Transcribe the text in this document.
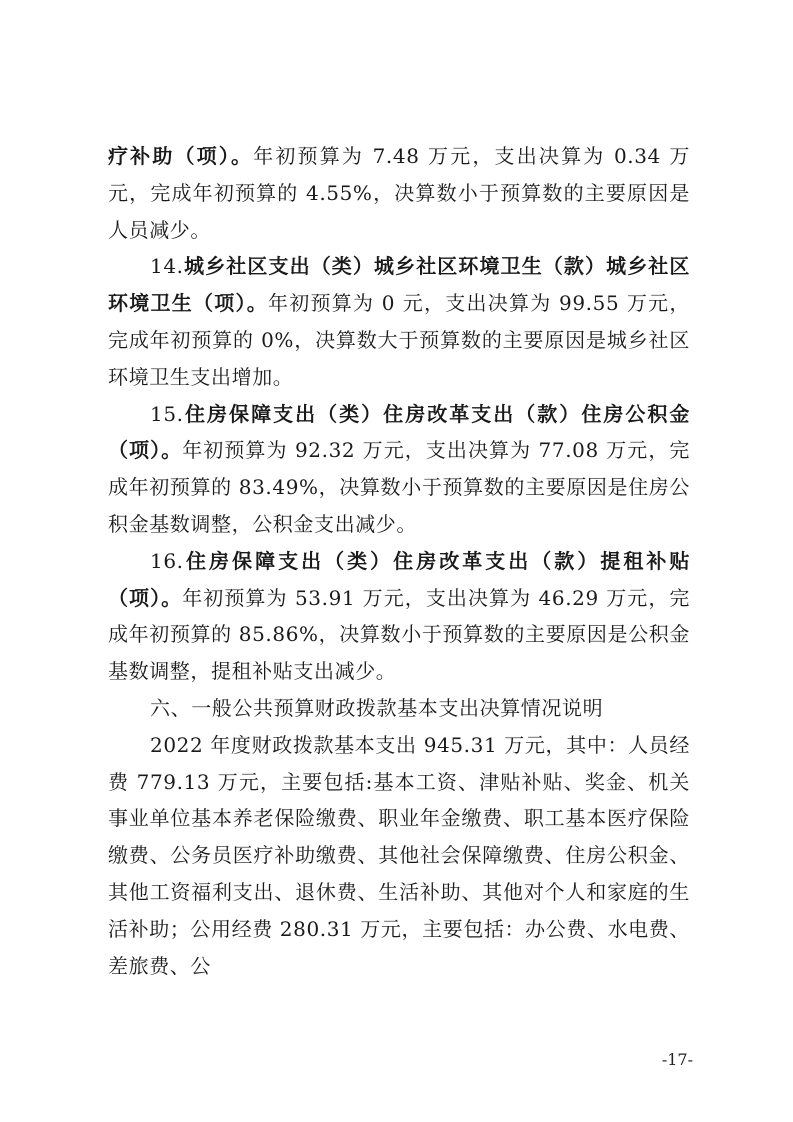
疗补助（项）。年初预算为 7.48 万元，支出决算为 0.34 万元，完成年初预算的 4.55%，决算数小于预算数的主要原因是人员减少。

14.城乡社区支出（类）城乡社区环境卫生（款）城乡社区环境卫生（项）。年初预算为 0 元，支出决算为 99.55 万元，完成年初预算的 0%，决算数大于预算数的主要原因是城乡社区环境卫生支出增加。

15.住房保障支出（类）住房改革支出（款）住房公积金（项）。年初预算为 92.32 万元，支出决算为 77.08 万元，完成年初预算的 83.49%，决算数小于预算数的主要原因是住房公积金基数调整，公积金支出减少。

16.住房保障支出（类）住房改革支出（款）提租补贴（项）。年初预算为 53.91 万元，支出决算为 46.29 万元，完成年初预算的 85.86%，决算数小于预算数的主要原因是公积金基数调整，提租补贴支出减少。

六、一般公共预算财政拨款基本支出决算情况说明

2022 年度财政拨款基本支出 945.31 万元，其中：人员经费 779.13 万元，主要包括:基本工资、津贴补贴、奖金、机关事业单位基本养老保险缴费、职业年金缴费、职工基本医疗保险缴费、公务员医疗补助缴费、其他社会保障缴费、住房公积金、其他工资福利支出、退休费、生活补助、其他对个人和家庭的生活补助；公用经费 280.31 万元，主要包括：办公费、水电费、差旅费、公

-17-
